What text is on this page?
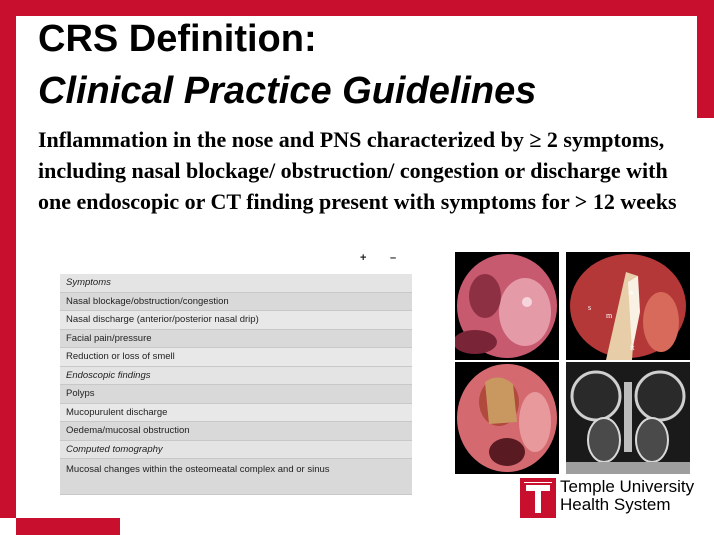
CRS Definition:
Clinical Practice Guidelines
Inflammation in the nose and PNS characterized by ≥ 2 symptoms, including nasal blockage/ obstruction/ congestion or discharge with one endoscopic or CT finding present with symptoms for > 12 weeks
+ –
Symptoms
Nasal blockage/obstruction/congestion
Nasal discharge (anterior/posterior nasal drip)
Facial pain/pressure
Reduction or loss of smell
Endoscopic findings
Polyps
Mucopurulent discharge
Oedema/mucosal obstruction
Computed tomography
Mucosal changes within the osteomeatal complex and or sinus
s
m
it
*
Temple University
Health System
